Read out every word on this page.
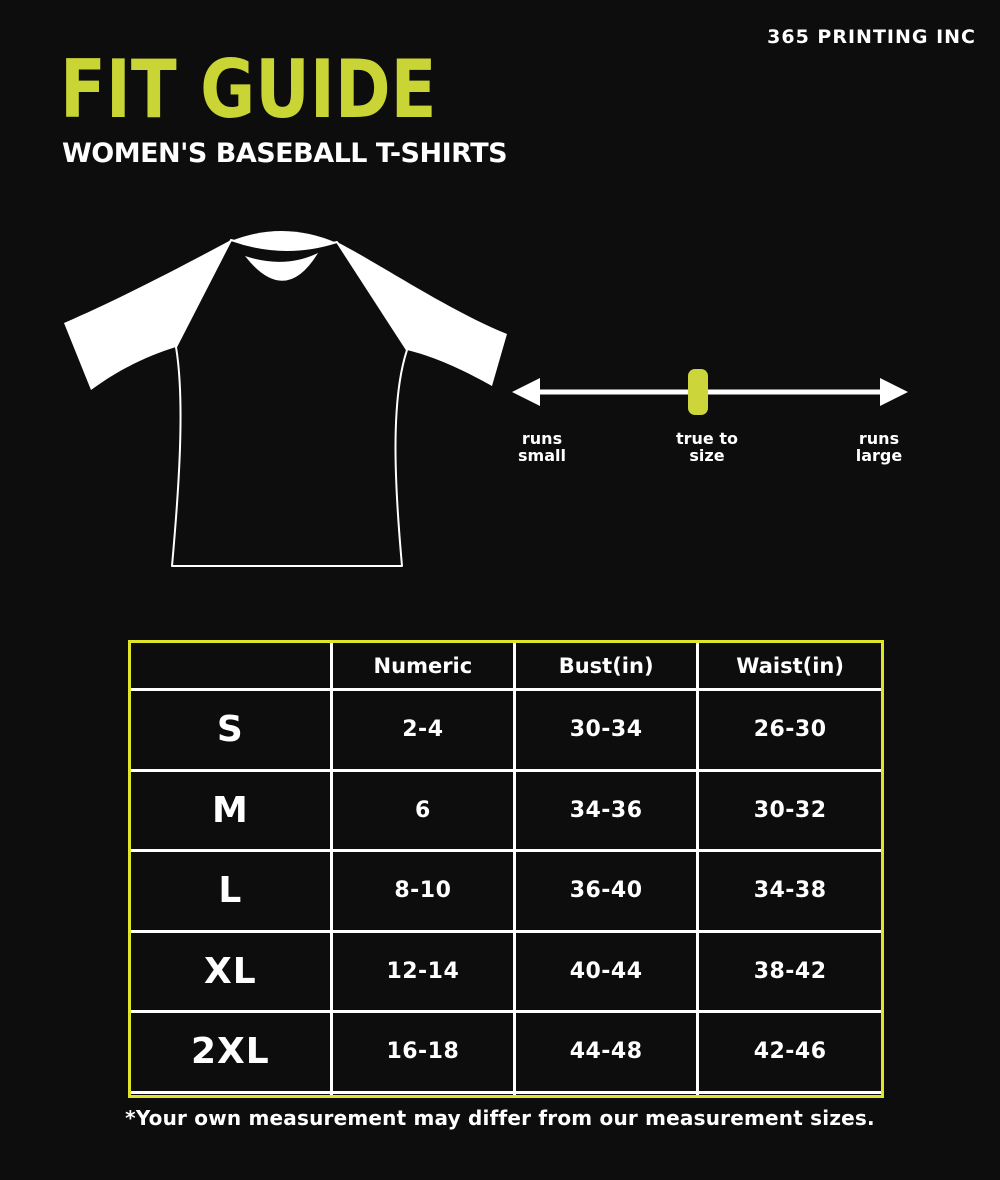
365 PRINTING INC
FIT GUIDE
WOMEN'S BASEBALL T-SHIRTS
runs
small
true to
size
runs
large
	Numeric	Bust(in)	Waist(in)
S	2-4	30-34	26-30
M	6	34-36	30-32
L	8-10	36-40	34-38
XL	12-14	40-44	38-42
2XL	16-18	44-48	42-46

*Your own measurement may differ from our measurement sizes.
